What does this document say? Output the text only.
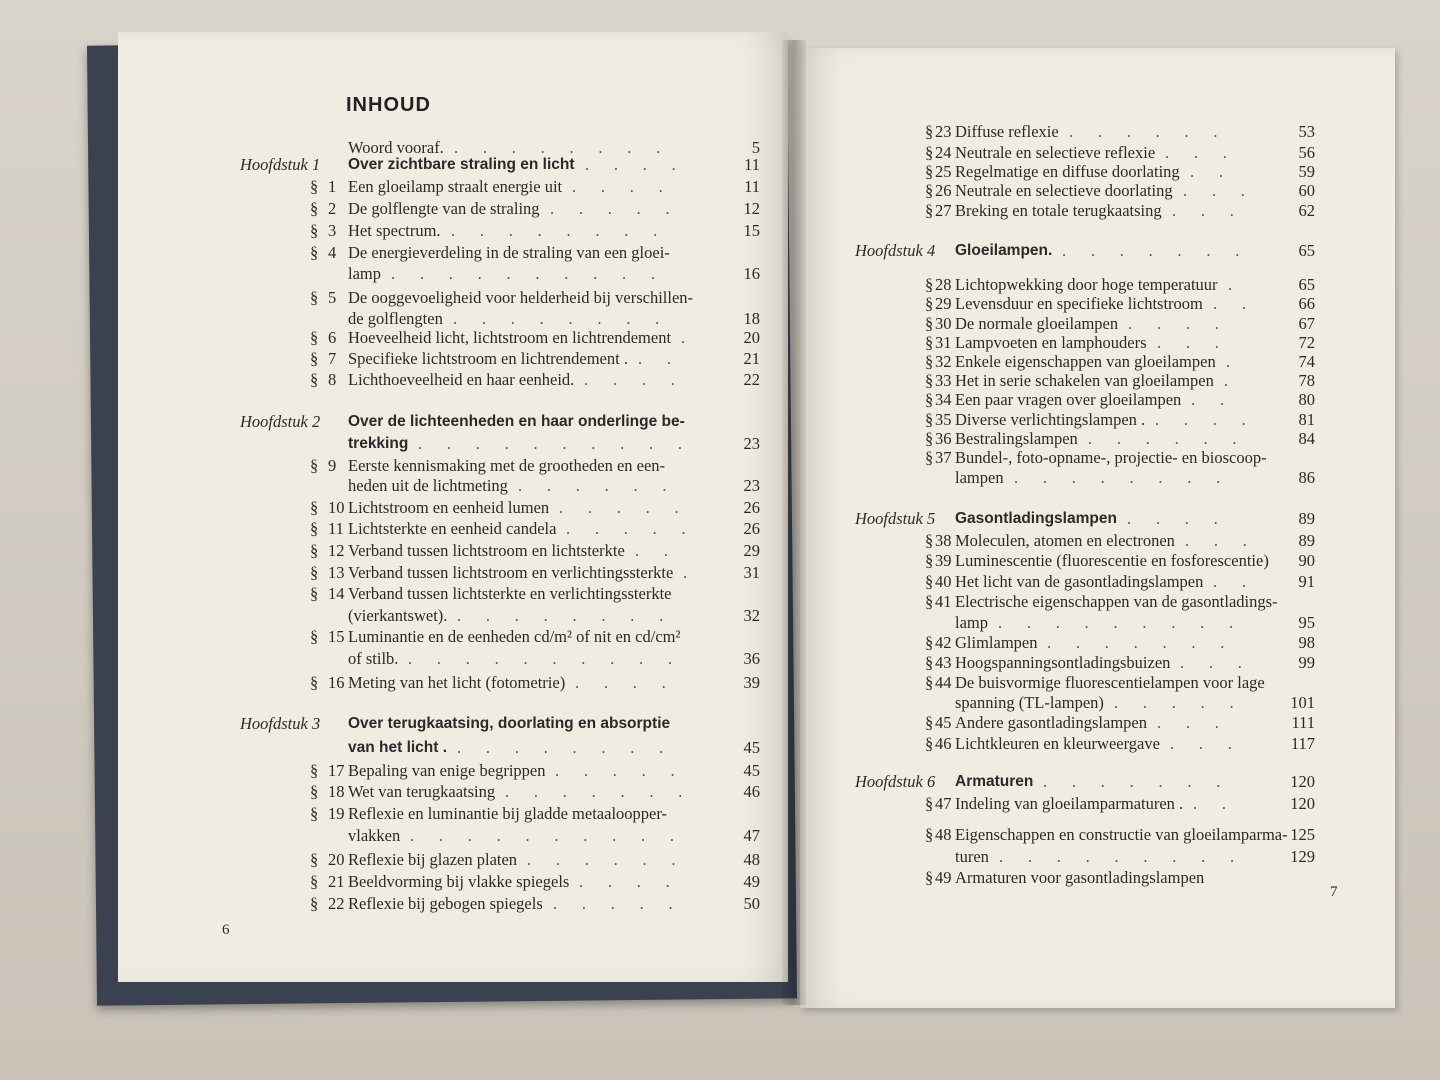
INHOUD
Woord vooraf. .  .  .  .  .  .  .  .  	5
Hoofdstuk 1 Over zichtbare straling en licht .  .  .  .  	11
§ 1 Een gloeilamp straalt energie uit .  .  .  .  	11
§ 2 De golflengte van de straling .  .  .  .  .  	12
§ 3 Het spectrum. .  .  .  .  .  .  .  .  	15
§ 4 De energieverdeling in de straling van een gloei-
lamp .  .  .  .  .  .  .  .  .  .  	16
§ 5 De ooggevoeligheid voor helderheid bij verschillen-
de golflengten .  .  .  .  .  .  .  .  	18
§ 6 Hoeveelheid licht, lichtstroom en lichtrendement .  	20
§ 7 Specifieke lichtstroom en lichtrendement . .  .  	21
§ 8 Lichthoeveelheid en haar eenheid. .  .  .  .  	22
Hoofdstuk 2 Over de lichteenheden en haar onderlinge be-
trekking .  .  .  .  .  .  .  .  .  .  	23
§ 9 Eerste kennismaking met de grootheden en een-
heden uit de lichtmeting .  .  .  .  .  .  	23
§ 10 Lichtstroom en eenheid lumen .  .  .  .  .  	26
§ 11 Lichtsterkte en eenheid candela .  .  .  .  .  	26
§ 12 Verband tussen lichtstroom en lichtsterkte .  .  	29
§ 13 Verband tussen lichtstroom en verlichtingssterkte .  	31
§ 14 Verband tussen lichtsterkte en verlichtingssterkte
(vierkantswet). .  .  .  .  .  .  .  .  	32
§ 15 Luminantie en de eenheden cd/m² of nit en cd/cm²
of stilb. .  .  .  .  .  .  .  .  .  .  	36
§ 16 Meting van het licht (fotometrie) .  .  .  .  	39
Hoofdstuk 3 Over terugkaatsing, doorlating en absorptie
van het licht . .  .  .  .  .  .  .  .  	45
§ 17 Bepaling van enige begrippen .  .  .  .  .  	45
§ 18 Wet van terugkaatsing .  .  .  .  .  .  .  	46
§ 19 Reflexie en luminantie bij gladde metaaloopper-
vlakken .  .  .  .  .  .  .  .  .  .  	47
§ 20 Reflexie bij glazen platen .  .  .  .  .  .  	48
§ 21 Beeldvorming bij vlakke spiegels .  .  .  .  	49
§ 22 Reflexie bij gebogen spiegels .  .  .  .  .  	50
§ 23 Diffuse reflexie .  .  .  .  .  .  	53
§ 24 Neutrale en selectieve reflexie .  .  .  	56
§ 25 Regelmatige en diffuse doorlating .  .  	59
§ 26 Neutrale en selectieve doorlating .  .  .  	60
§ 27 Breking en totale terugkaatsing .  .  .  	62
Hoofdstuk 4 Gloeilampen. .  .  .  .  .  .  .  	65
§ 28 Lichtopwekking door hoge temperatuur .  	65
§ 29 Levensduur en specifieke lichtstroom .  .  	66
§ 30 De normale gloeilampen .  .  .  .  	67
§ 31 Lampvoeten en lamphouders .  .  .  	72
§ 32 Enkele eigenschappen van gloeilampen .  	74
§ 33 Het in serie schakelen van gloeilampen .  	78
§ 34 Een paar vragen over gloeilampen .  .  	80
§ 35 Diverse verlichtingslampen . .  .  .  .  	81
§ 36 Bestralingslampen .  .  .  .  .  .  	84
§ 37 Bundel-, foto-opname-, projectie- en bioscoop-
lampen .  .  .  .  .  .  .  .  	86
Hoofdstuk 5 Gasontladingslampen .  .  .  .  	89
§ 38 Moleculen, atomen en electronen .  .  .  	89
§ 39 Luminescentie (fluorescentie en fosforescentie)	90
§ 40 Het licht van de gasontladingslampen .  .  	91
§ 41 Electrische eigenschappen van de gasontladings-
lamp .  .  .  .  .  .  .  .  .  	95
§ 42 Glimlampen .  .  .  .  .  .  .  	98
§ 43 Hoogspanningsontladingsbuizen .  .  .  	99
§ 44 De buisvormige fluorescentielampen voor lage
spanning (TL-lampen) .  .  .  .  .  	101
§ 45 Andere gasontladingslampen .  .  .  	111
§ 46 Lichtkleuren en kleurweergave .  .  .  	117
Hoofdstuk 6 Armaturen .  .  .  .  .  .  .  	120
§ 47 Indeling van gloeilamparmaturen . .  .  	120
§ 48 Eigenschappen en constructie van gloeilamparma- 125
turen .  .  .  .  .  .  .  .  .  	129
§ 49 Armaturen voor gasontladingslampen
6
7
